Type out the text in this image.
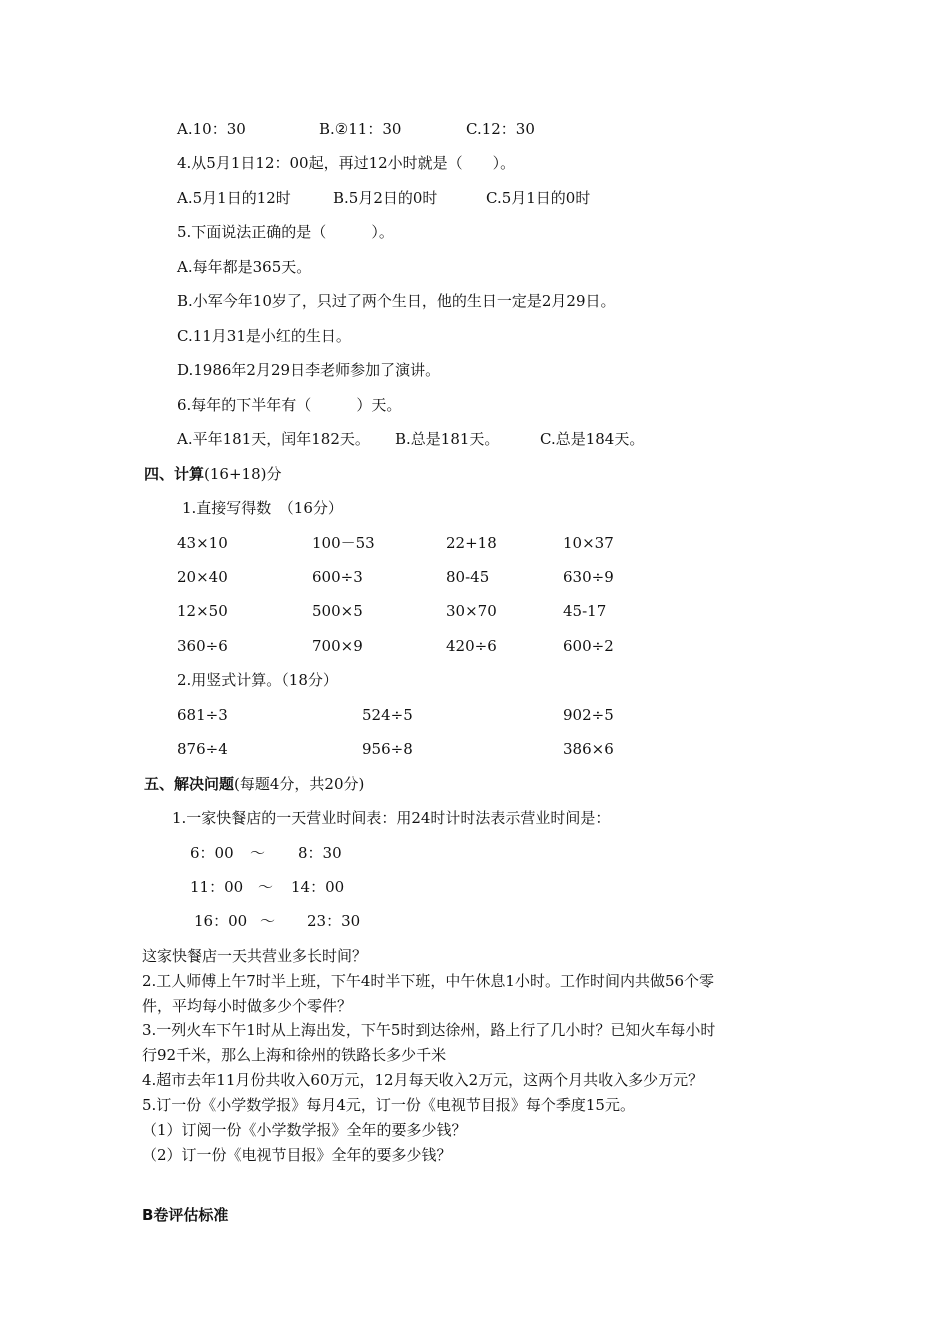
A.10：30	B.②11：30	C.12：30
4.从5月1日12：00起，再过12小时就是（　　）。
A.5月1日的12时	B.5月2日的0时	C.5月1日的0时
5.下面说法正确的是（　　　）。
A.每年都是365天。
B.小军今年10岁了，只过了两个生日，他的生日一定是2月29日。
C.11月31是小红的生日。
D.1986年2月29日李老师参加了演讲。
6.每年的下半年有（　　　）天。
A.平年181天，闰年182天。 B.总是181天。	C.总是184天。
四、计算(16+18)分
1.直接写得数　（16分）
43×10	100－53	22+18	10×37
20×40	600÷3	80-45	630÷9
12×50	500×5	30×70	45-17
360÷6	700×9	420÷6	600÷2
2.用竖式计算。（18分）
681÷3	524÷5	902÷5
876÷4	956÷8	386×6
五、解决问题(每题4分，共20分)
1.一家快餐店的一天营业时间表：用24时计时法表示营业时间是：
6：00 ～ 8：30
11：00 ～ 14：00
16：00 ～ 23：30
这家快餐店一天共营业多长时间？
2.工人师傅上午7时半上班，下午4时半下班，中午休息1小时。工作时间内共做56个零
件，平均每小时做多少个零件？
3.一列火车下午1时从上海出发，下午5时到达徐州，路上行了几小时？已知火车每小时
行92千米，那么上海和徐州的铁路长多少千米
4.超市去年11月份共收入60万元，12月每天收入2万元，这两个月共收入多少万元？
5.订一份《小学数学报》每月4元，订一份《电视节目报》每个季度15元。
（1）订阅一份《小学数学报》全年的要多少钱？
（2）订一份《电视节目报》全年的要多少钱？
B卷评估标准
